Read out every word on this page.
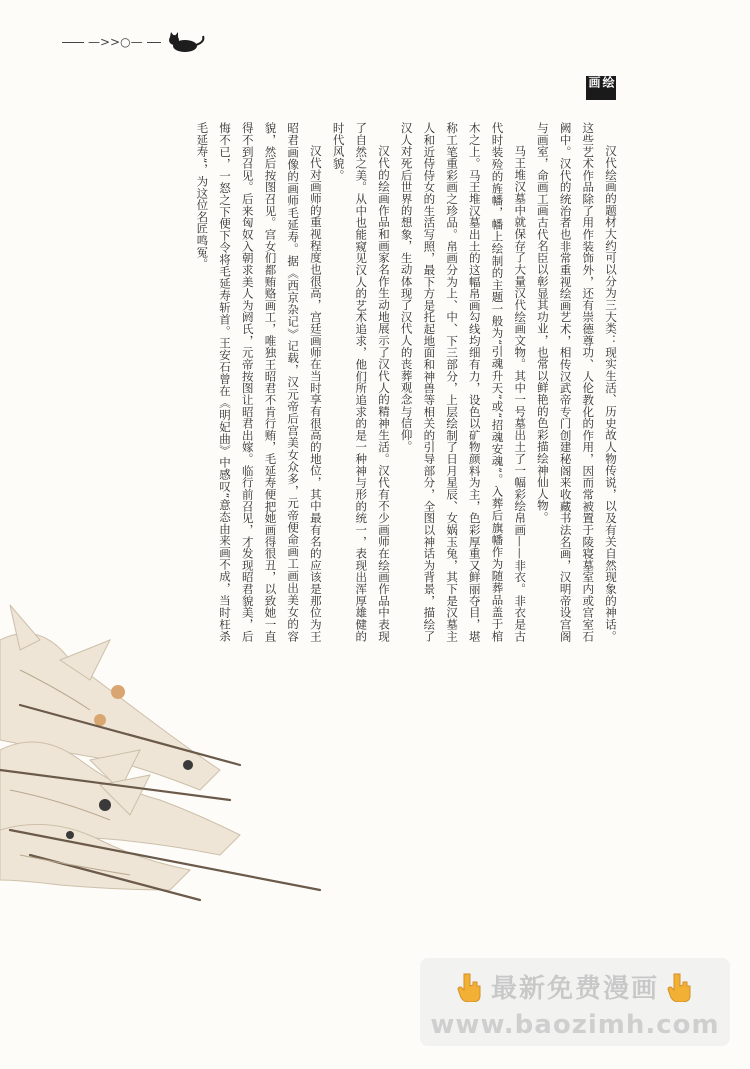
—>>○—
绘画

汉代绘画的题材大约可以分为三大类：现实生活、历史故人物传说，以及有关自然现象的神话。这些艺术作品除了用作装饰外，还有崇德尊功、人伦教化的作用，因而常被置于陵寝墓室内或宫室石阙中。汉代的统治者也非常重视绘画艺术，相传汉武帝专门创建秘阁来收藏书法名画，汉明帝设宫阁与画室，命画工画古代名臣以彰显其功业，也常以鲜艳的色彩描绘神仙人物。

马王堆汉墓中就保存了大量汉代绘画文物。其中一号墓出土了一幅彩绘帛画——非衣。非衣是古代时装殓的旌幡，幡上绘制的主题一般为“引魂升天”或“招魂安魂”。入葬后旗幡作为随葬品盖于棺木之上。马王堆汉墓出土的这幅帛画勾线均细有力，设色以矿物颜料为主，色彩厚重又鲜丽夺目，堪称工笔重彩画之珍品。帛画分为上、中、下三部分，上层绘制了日月星辰、女娲玉兔，其下是汉墓主人和近侍侍女的生活写照，最下方是托起地面和神兽等相关的引导部分，全图以神话为背景，描绘了汉人对死后世界的想象，生动体现了汉代人的丧葬观念与信仰。

汉代的绘画作品和画家名作生动地展示了汉代人的精神生活。汉代有不少画师在绘画作品中表现了自然之美。从中也能窥见汉人的艺术追求，他们所追求的是一种神与形的统一，表现出浑厚雄健的时代风貌。

汉代对画师的重视程度也很高，宫廷画师在当时享有很高的地位，其中最有名的应该是那位为王昭君画像的画师毛延寿。据《西京杂记》记载，汉元帝后宫美女众多，元帝便命画工画出美女的容貌，然后按图召见。宫女们都贿赂画工，唯独王昭君不肯行贿，毛延寿便把她画得很丑，以致她一直得不到召见。后来匈奴入朝求美人为阏氏，元帝按图让昭君出嫁。临行前召见，才发现昭君貌美，后悔不已，一怒之下便下令将毛延寿斩首。王安石曾在《明妃曲》中感叹“意态由来画不成，当时枉杀毛延寿”，为这位名匠鸣冤。

最新免费漫画
www.baozimh.com
